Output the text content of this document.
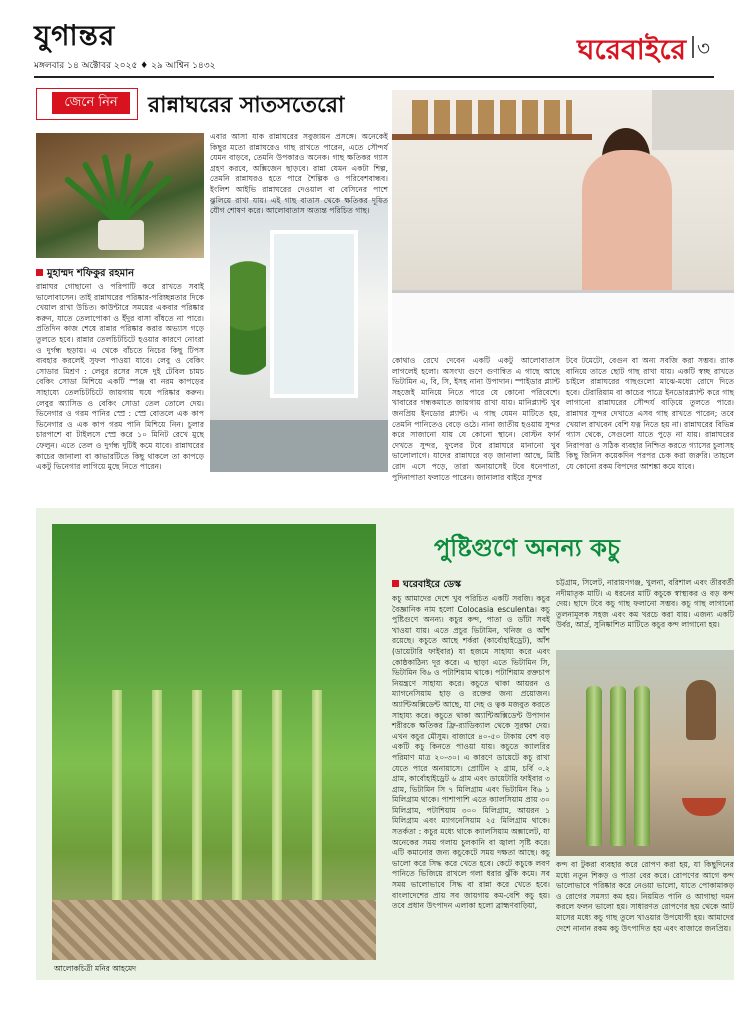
যুগান্তর
মঙ্গলবার ১৪ অক্টোবর ২০২৫ ♦ ২৯ আশ্বিন ১৪৩২	ঘরেবাইরে ৩
জেনে নিন	রান্নাঘরের সাতসতেরো
মুহাম্মদ শফিকুর রহমান
রান্নাঘর গোছানো ও পরিপাটি করে রাখতে সবাই ভালোবাসেন। তাই রান্নাঘরের পরিষ্কার-পরিচ্ছন্নতার দিকে খেয়াল রাখা উচিত। কাউন্টারে সময়ের একবার পরিষ্কার করুন, যাতে তেলাপোকা ও ইঁদুর বাসা বাঁধতে না পারে। প্রতিদিন কাজ শেষে রান্নার পরিষ্কার করার অভ্যাস গড়ে তুলতে হবে। রান্নার তেলচিটচিটে হওয়ার কারণে নোংরা ও দুর্গন্ধ ছড়ায়। এ থেকে বাঁচতে নিচের কিছু টিপস ব্যবহার করলেই সুফল পাওয়া যাবে। লেবু ও বেকিং সোডার মিশ্রণ : লেবুর রসের সঙ্গে দুই টেবিল চামচ বেকিং সোডা মিশিয়ে একটি স্পঞ্জ বা নরম কাপড়ের সাহায্যে তেলচিটচিটে জায়গায় ঘষে পরিষ্কার করুন। লেবুর অ্যাসিড ও বেকিং সোডা তেল তোলে দেয়। ভিনেগার ও গরম পানির স্প্রে : স্প্রে বোতলে এক কাপ ভিনেগার ও এক কাপ গরম পানি মিশিয়ে নিন। চুলার চারপাশে বা টাইলসে স্প্রে করে ১০ মিনিট রেখে মুছে ফেলুন। এতে তেল ও দুর্গন্ধ দুটিই কমে যাবে। রান্নাঘরের কাচের জানালা বা কাভারটিতে কিছু থাকলে তা কাপড়ে একটু ভিনেগার লাগিয়ে মুছে নিতে পারেন।
এবার আসা যাক রান্নাঘরের সবুজায়ন প্রসঙ্গে। অনেকেই কিছুর মতো রান্নাঘরেও গাছ রাখতে পারেন, এতে সৌন্দর্য যেমন বাড়বে, তেমনি উপকারও অনেক। গাছ ক্ষতিকর গ্যাস গ্রহণ করবে, অক্সিজেন ছাড়বে। রান্না যেমন একটা শিল্প, তেমনি রান্নাঘরও হতে পারে শৈল্পিক ও পরিবেশবান্ধব। ইংলিশ আইভি রান্নাঘরের দেওয়াল বা বেসিনের পাশে ঝুলিয়ে রাখা যায়। এই গাছ বাতাস থেকে ক্ষতিকর দূষিত যৌগ শোষণ করে। আলোবাতাস অত্যন্ত পরিচিত গাছ।
কোথাও রেখে দেবেন একটি একটু আলোবাতাস লাগলেই হলো। অসংখ্য গুণে গুণান্বিত এ গাছে আছে ভিটামিন এ, বি, সি, ইসহ নানা উপাদান। স্পাইডার প্ল্যান্ট সহজেই মানিয়ে নিতে পারে যে কোনো পরিবেশে। খাবারের গন্ধকমাতে জায়গায় রাখা যায়। মানিপ্ল্যান্ট খুব জনপ্রিয় ইনডোর প্ল্যান্ট। এ গাছ যেমন মাটিতে হয়, তেমনি পানিতেও বেড়ে ওঠে। নানা জাতীয় হওয়ায় সুন্দর করে সাজানো যায় যে কোনো স্থানে। বোস্টন ফার্ন দেখতে সুন্দর, ফুলের টবে রান্নাঘরে মানানো খুব ভালোলাগে। যাদের রান্নাঘরে বড় জানালা আছে, মিষ্টি রোদ এসে পড়ে, তারা অনায়াসেই টবে ধনেপাতা, পুদিনাপাতা ফলাতে পারেন। জানালার বাইরে সুন্দর
টবে টমেটো, বেগুন বা অন্য সবজি করা সম্ভব। র‍্যাক বানিয়ে তাতে ছোট গাছ রাখা যায়। একটি স্বচ্ছ রাখতে চাইলে রান্নাঘরের গাছগুলো মাঝে-মধ্যে রোদে দিতে হবে। টেরারিয়াম বা কাচের পাত্রে ইনডোরপ্ল্যান্ট করে গাছ লাগানো রান্নাঘরের সৌন্দর্য বাড়িয়ে তুলতে পারে। রান্নাঘর সুন্দর দেখাতে এসব গাছ রাখতে পারেন; তবে খেয়াল রাখবেন বেশি যত্ন নিতে হয় না। রান্নাঘরের বিভিন্ন গ্যাস থেকে, সেগুলো যাতে পুড়ে না যায়। রান্নাঘরের নিরাপত্তা ও সঠিক ব্যবহার নিশ্চিত করতে গ্যাসের চুলাসহ কিছু জিনিস কয়েকদিন পরপর চেক করা জরুরি। তাহলে যে কোনো রকম বিপদের আশঙ্কা কমে যাবে।
আলোকচিত্রী মনির আহমেদ
পুষ্টিগুণে অনন্য কচু
ঘরেবাইরে ডেস্ক
কচু আমাদের দেশে খুব পরিচিত একটি সবজি। কচুর বৈজ্ঞানিক নাম হলো Colocasia esculenta। কচু পুষ্টিগুণে অনন্য। কচুর কন্দ, পাতা ও ডাঁটা সবই খাওয়া যায়। এতে প্রচুর ভিটামিন, খনিজ ও আঁশ রয়েছে। কচুতে আছে শর্করা (কার্বোহাইড্রেট), আঁশ (ডায়েটারি ফাইবার) যা হজমে সাহায্য করে এবং কোষ্ঠকাঠিন্য দূর করে। এ ছাড়া এতে ভিটামিন সি, ভিটামিন বি৬ ও পটাশিয়াম থাকে। পটাশিয়াম রক্তচাপ নিয়ন্ত্রণে সাহায্য করে। কচুতে থাকা আয়রন ও ম্যাগনেসিয়াম হাড় ও রক্তের জন্য প্রয়োজন। অ্যান্টিঅক্সিডেন্ট আছে, যা দেহ ও ত্বক মজবুত করতে সাহায্য করে। কচুতে থাকা অ্যান্টিঅক্সিডেন্ট উপাদান শরীরকে ক্ষতিকর ফ্রি-র‍্যাডিক্যাল থেকে সুরক্ষা দেয়। এখন কচুর মৌসুম। বাজারে ৪০-৫০ টাকায় বেশ বড় একটি কচু কিনতে পাওয়া যায়। কচুতে ক্যালরির পরিমাণ মাত্র ২০-৩০। এ কারণে ডায়েটে কচু রাখা যেতে পারে অনায়াসে। প্রোটিন ২ গ্রাম, চর্বি ০.২ গ্রাম, কার্বোহাইড্রেট ৬ গ্রাম এবং ডায়েটারি ফাইবার ৩ গ্রাম, ভিটামিন সি ৭ মিলিগ্রাম এবং ভিটামিন বি৬ ১ মিলিগ্রাম থাকে। পাশাপাশি এতে ক্যালসিয়াম প্রায় ৩০ মিলিগ্রাম, পটাশিয়াম ৩০০ মিলিগ্রাম, আয়রন ১ মিলিগ্রাম এবং ম্যাগনেসিয়াম ২৫ মিলিগ্রাম থাকে। সতর্কতা : কচুর মধ্যে থাকে ক্যালসিয়াম অক্সালেট, যা অনেকের সময় গলায় চুলকানি বা জ্বালা সৃষ্টি করে। এটি কমানোর জন্য কচুকেটে সময় দক্ষতা আছে। কচু ভালো করে সিদ্ধ করে খেতে হবে। কেটে কচুকে লবণ পানিতে ভিজিয়ে রাখলে গলা ধরার ঝুঁকি কমে। সব সময় ভালোভাবে সিদ্ধ বা রান্না করে খেতে হবে। বাংলাদেশের প্রায় সব জায়গায় কম-বেশি কচু হয়। তবে প্রধান উৎপাদন এলাকা হলো ব্রাহ্মণবাড়িয়া,
চট্টগ্রাম, সিলেট, নারায়ণগঞ্জ, খুলনা, বরিশাল এবং তীরবর্তী নদীমাতৃক মাটি। এ ধরনের মাটি কচুকে স্বাস্থ্যকর ও বড় কন্দ দেয়। ছাদে টবে কচু গাছ ফলানো সম্ভব। কচু গাছ লাগানো তুলনামূলক সহজ এবং কম খরচে করা যায়। এজন্য একটি উর্বর, আর্দ্র, সুনিষ্কাশিত মাটিতে কচুর কন্দ লাগানো হয়।
কন্দ বা টুকরা ব্যবহার করে রোপণ করা হয়, যা কিছুদিনের মধ্যে নতুন শিকড় ও পাতা বের করে। রোপণের আগে কন্দ ভালোভাবে পরিষ্কার করে নেওয়া ভালো, যাতে পোকামাকড় ও রোগের সমস্যা কম হয়। নিয়মিত পানি ও আগাছা দমন করলে ফলন ভালো হয়। সাধারণত রোপণের ছয় থেকে আট মাসের মধ্যে কচু গাছ তুলে খাওয়ার উপযোগী হয়। আমাদের দেশে নানান রকম কচু উৎপাদিত হয় এবং বাজারে জনপ্রিয়।
